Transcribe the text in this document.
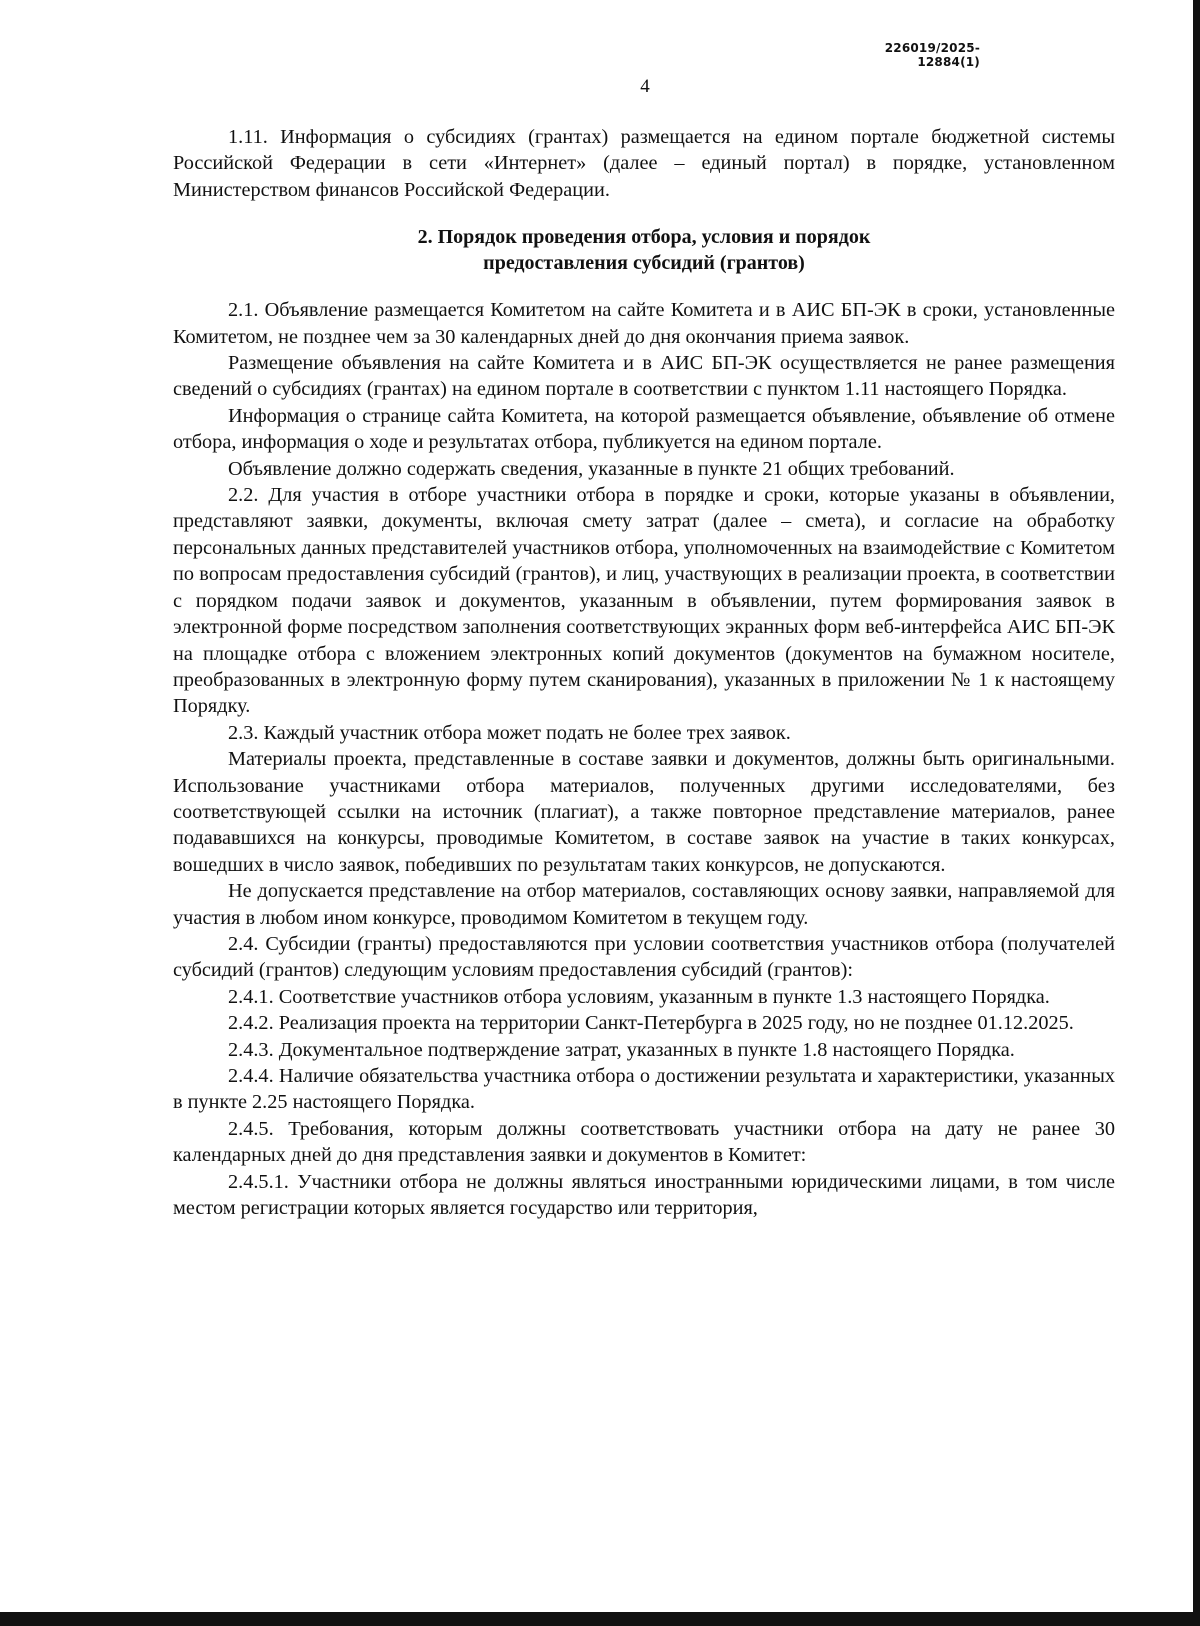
226019/2025-12884(1)
4

1.11. Информация о субсидиях (грантах) размещается на едином портале бюджетной системы Российской Федерации в сети «Интернет» (далее – единый портал) в порядке, установленном Министерством финансов Российской Федерации.

2. Порядок проведения отбора, условия и порядок
предоставления субсидий (грантов)

2.1. Объявление размещается Комитетом на сайте Комитета и в АИС БП-ЭК в сроки, установленные Комитетом, не позднее чем за 30 календарных дней до дня окончания приема заявок.

Размещение объявления на сайте Комитета и в АИС БП-ЭК осуществляется не ранее размещения сведений о субсидиях (грантах) на едином портале в соответствии с пунктом 1.11 настоящего Порядка.

Информация о странице сайта Комитета, на которой размещается объявление, объявление об отмене отбора, информация о ходе и результатах отбора, публикуется на едином портале.

Объявление должно содержать сведения, указанные в пункте 21 общих требований.

2.2. Для участия в отборе участники отбора в порядке и сроки, которые указаны в объявлении, представляют заявки, документы, включая смету затрат (далее – смета), и согласие на обработку персональных данных представителей участников отбора, уполномоченных на взаимодействие с Комитетом по вопросам предоставления субсидий (грантов), и лиц, участвующих в реализации проекта, в соответствии с порядком подачи заявок и документов, указанным в объявлении, путем формирования заявок в электронной форме посредством заполнения соответствующих экранных форм веб-интерфейса АИС БП-ЭК на площадке отбора с вложением электронных копий документов (документов на бумажном носителе, преобразованных в электронную форму путем сканирования), указанных в приложении № 1 к настоящему Порядку.

2.3. Каждый участник отбора может подать не более трех заявок.

Материалы проекта, представленные в составе заявки и документов, должны быть оригинальными. Использование участниками отбора материалов, полученных другими исследователями, без соответствующей ссылки на источник (плагиат), а также повторное представление материалов, ранее подававшихся на конкурсы, проводимые Комитетом, в составе заявок на участие в таких конкурсах, вошедших в число заявок, победивших по результатам таких конкурсов, не допускаются.

Не допускается представление на отбор материалов, составляющих основу заявки, направляемой для участия в любом ином конкурсе, проводимом Комитетом в текущем году.

2.4. Субсидии (гранты) предоставляются при условии соответствия участников отбора (получателей субсидий (грантов) следующим условиям предоставления субсидий (грантов):

2.4.1. Соответствие участников отбора условиям, указанным в пункте 1.3 настоящего Порядка.

2.4.2. Реализация проекта на территории Санкт-Петербурга в 2025 году, но не позднее 01.12.2025.

2.4.3. Документальное подтверждение затрат, указанных в пункте 1.8 настоящего Порядка.

2.4.4. Наличие обязательства участника отбора о достижении результата и характеристики, указанных в пункте 2.25 настоящего Порядка.

2.4.5. Требования, которым должны соответствовать участники отбора на дату не ранее 30 календарных дней до дня представления заявки и документов в Комитет:

2.4.5.1. Участники отбора не должны являться иностранными юридическими лицами, в том числе местом регистрации которых является государство или территория,
